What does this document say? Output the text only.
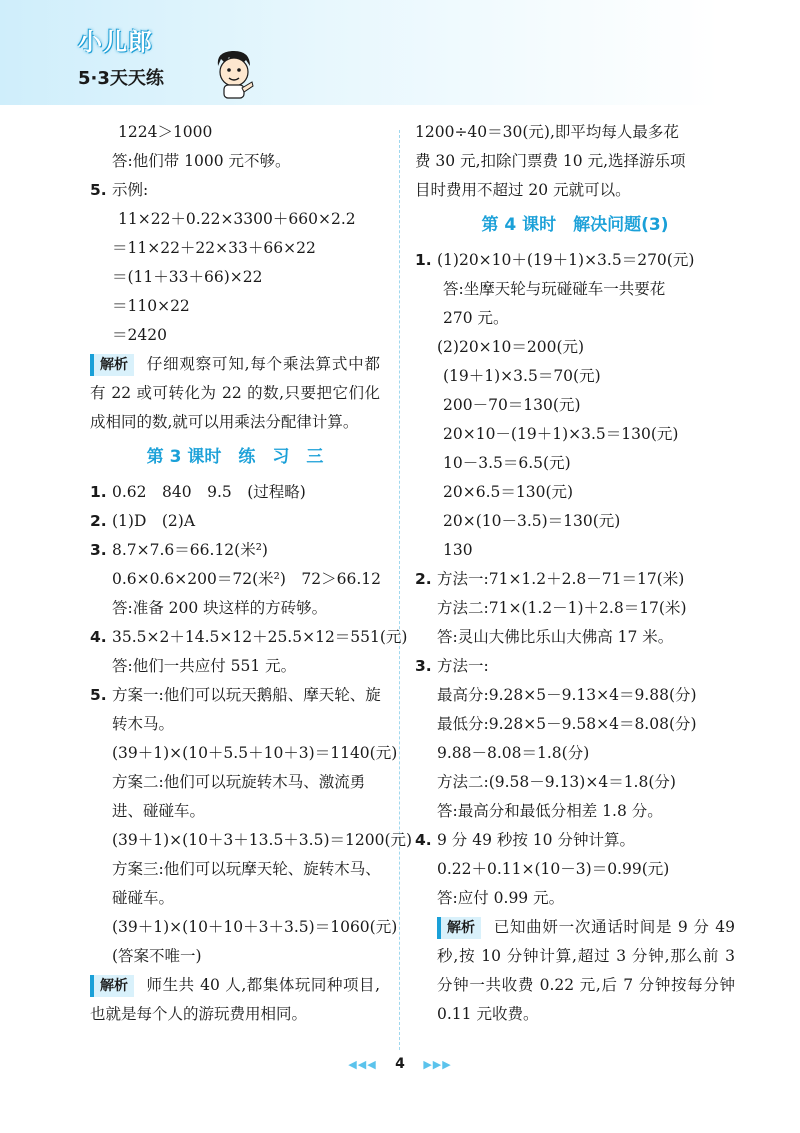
小儿郎
5·3天天练
1224＞1000
答:他们带 1000 元不够。
5. 示例:
11×22＋0.22×3300＋660×2.2
＝11×22＋22×33＋66×22
＝(11＋33＋66)×22
＝110×22
＝2420
解析 仔细观察可知,每个乘法算式中都有 22 或可转化为 22 的数,只要把它们化成相同的数,就可以用乘法分配律计算。
第 3 课时　练　习　三
1. 0.62　840　9.5　(过程略)
2. (1)D　(2)A
3. 8.7×7.6＝66.12(米²)
0.6×0.6×200＝72(米²)　72＞66.12
答:准备 200 块这样的方砖够。
4. 35.5×2＋14.5×12＋25.5×12＝551(元)
答:他们一共应付 551 元。
5. 方案一:他们可以玩天鹅船、摩天轮、旋
转木马。
(39＋1)×(10＋5.5＋10＋3)＝1140(元)
方案二:他们可以玩旋转木马、激流勇
进、碰碰车。
(39＋1)×(10＋3＋13.5＋3.5)＝1200(元)
方案三:他们可以玩摩天轮、旋转木马、
碰碰车。
(39＋1)×(10＋10＋3＋3.5)＝1060(元)
(答案不唯一)
解析 师生共 40 人,都集体玩同种项目,也就是每个人的游玩费用相同。
1200÷40＝30(元),即平均每人最多花
费 30 元,扣除门票费 10 元,选择游乐项
目时费用不超过 20 元就可以。
第 4 课时　解决问题(3)
1. (1)20×10＋(19＋1)×3.5＝270(元)
答:坐摩天轮与玩碰碰车一共要花
270 元。
(2)20×10＝200(元)
(19＋1)×3.5＝70(元)
200－70＝130(元)
20×10－(19＋1)×3.5＝130(元)
10－3.5＝6.5(元)
20×6.5＝130(元)
20×(10－3.5)＝130(元)
130
2. 方法一:71×1.2＋2.8－71＝17(米)
方法二:71×(1.2－1)＋2.8＝17(米)
答:灵山大佛比乐山大佛高 17 米。
3. 方法一:
最高分:9.28×5－9.13×4＝9.88(分)
最低分:9.28×5－9.58×4＝8.08(分)
9.88－8.08＝1.8(分)
方法二:(9.58－9.13)×4＝1.8(分)
答:最高分和最低分相差 1.8 分。
4. 9 分 49 秒按 10 分钟计算。
0.22＋0.11×(10－3)＝0.99(元)
答:应付 0.99 元。
解析 已知曲妍一次通话时间是 9 分 49 秒,按 10 分钟计算,超过 3 分钟,那么前 3 分钟一共收费 0.22 元,后 7 分钟按每分钟 0.11 元收费。
◀◀◀ 4 ▶▶▶
